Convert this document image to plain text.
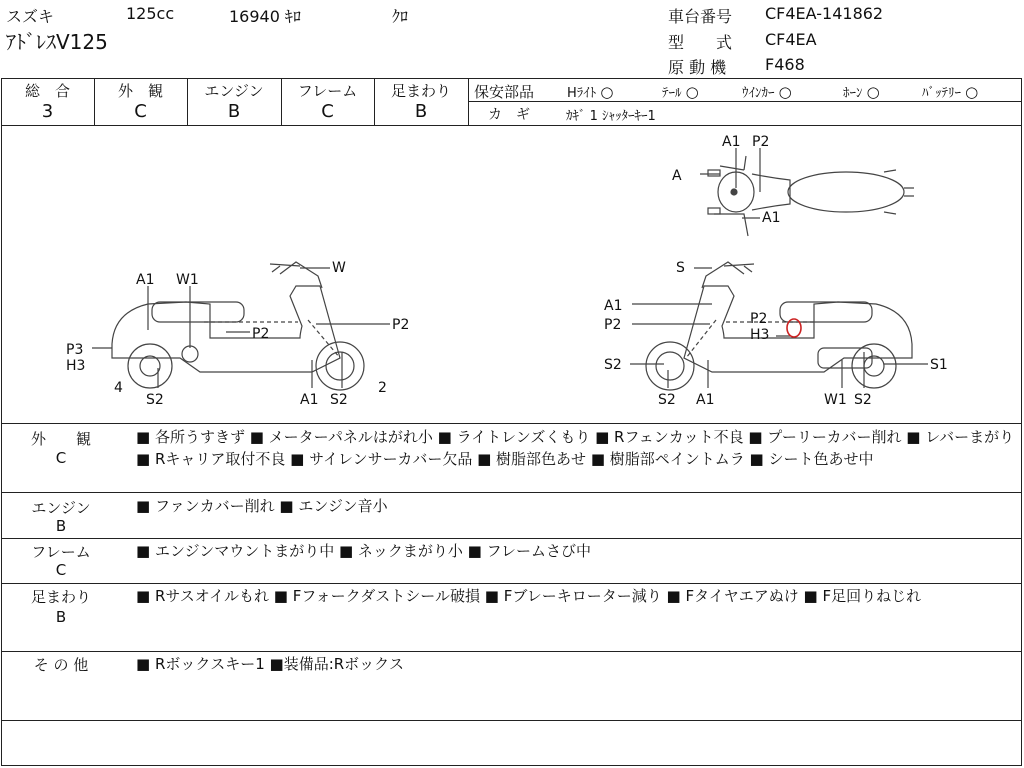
スズキ	125cc	16940 ｷﾛ	ｸﾛ
ｱﾄﾞﾚｽV125
車台番号 CF4EA-141862
型　　式 CF4EA
原 動 機 F468
総　合
3
外　観
C
エンジン
B
フレーム
C
足まわり
B
保安部品	Hﾗｲﾄ ○	ﾃｰﾙ ○	ｳｲﾝｶｰ ○	ﾎｰﾝ ○	ﾊﾞｯﾃﾘｰ ○
カ　ギ	ｶｷﾞ 1 ｼｬｯﾀｰｷｰ1
A1 P2
A
A1
A1 W1
W
P2
P2
P3
H3
4
S2	A1 S2
2
S
A1
P2	P2
H3
S2
S2 A1	W1 S2
S1
外　　観
C
■ 各所うすきず ■ メーターパネルはがれ小 ■ ライトレンズくもり ■ Rフェンカット不良 ■ プーリーカバー削れ ■ レバーまがり ■ Rキャリア取付不良 ■ サイレンサーカバー欠品 ■ 樹脂部色あせ ■ 樹脂部ペイントムラ ■ シート色あせ中
エンジン
B
■ ファンカバー削れ ■ エンジン音小
フレーム
C
■ エンジンマウントまがり中 ■ ネックまがり小 ■ フレームさび中
足まわり
B
■ Rサスオイルもれ ■ Fフォークダストシール破損 ■ Fブレーキローター減り ■ Fタイヤエアぬけ ■ F足回りねじれ
そ の 他	■ Rボックスキー1 ■装備品:Rボックス
